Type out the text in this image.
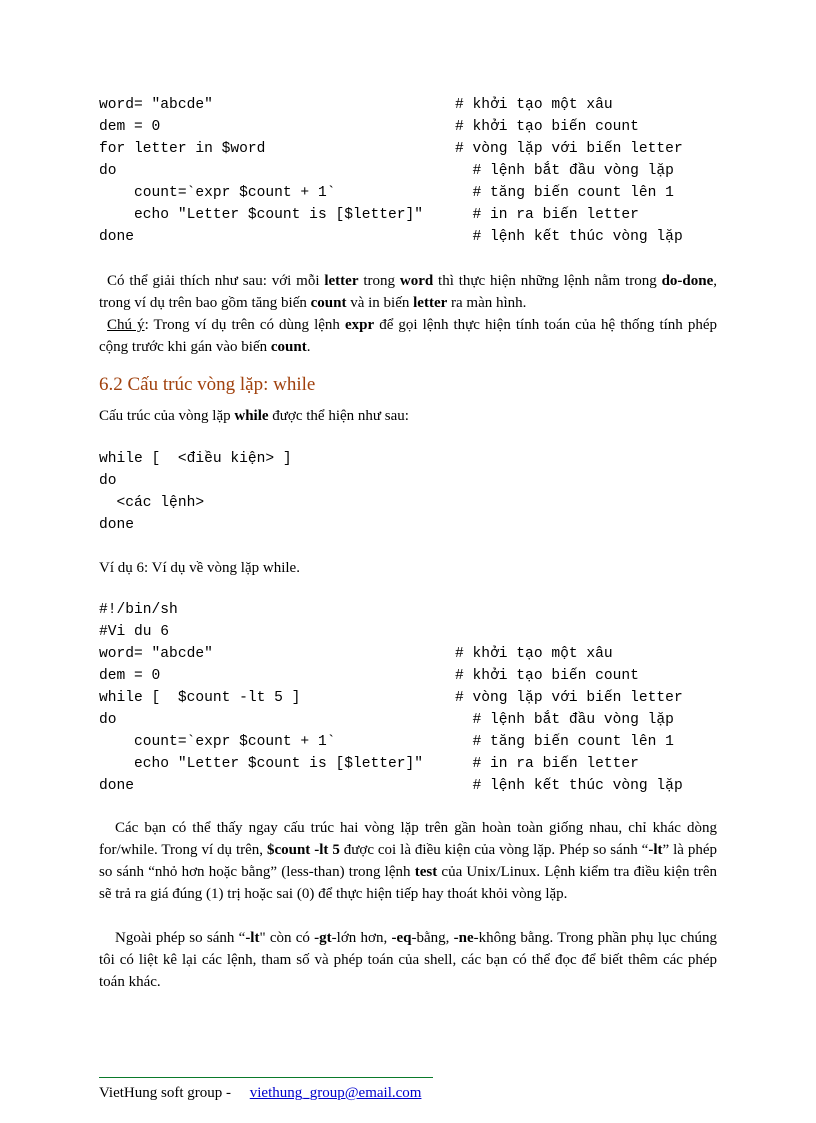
word= "abcde"

dem = 0

for letter in $word

do

count=`expr $count + 1`

echo "Letter $count is [$letter]"

done

# khởi tạo một xâu

# khởi tạo biến count

# vòng lặp với biến letter

# lệnh bắt đầu vòng lặp

# tăng biến count lên 1

# in ra biến letter

# lệnh kết thúc vòng lặp

Có thể giải thích như sau: với mỗi letter trong word thì thực hiện những lệnh nằm trong do-done, trong ví dụ trên bao gồm tăng biến count và in biến letter ra màn hình.
Chú ý: Trong ví dụ trên có dùng lệnh expr để gọi lệnh thực hiện tính toán của hệ thống tính phép cộng trước khi gán vào biến count.
6.2 Cấu trúc vòng lặp: while
Cấu trúc của vòng lặp while được thể hiện như sau:

while [  <điều kiện> ]

do

<các lệnh>

done

Ví dụ 6: Ví dụ về vòng lặp while.

#!/bin/sh

#Vi du 6

word= "abcde"

dem = 0

while [  $count -lt 5 ]

do

count=`expr $count + 1`

echo "Letter $count is [$letter]"

done

# khởi tạo một xâu

# khởi tạo biến count

# vòng lặp với biến letter

# lệnh bắt đầu vòng lặp

# tăng biến count lên 1

# in ra biến letter

# lệnh kết thúc vòng lặp

Các bạn có thể thấy ngay cấu trúc hai vòng lặp trên gần hoàn toàn giống nhau, chỉ khác dòng for/while. Trong ví dụ trên, $count -lt 5 được coi là điều kiện của vòng lặp. Phép so sánh “-lt” là phép so sánh “nhỏ hơn hoặc bằng” (less-than) trong lệnh test của Unix/Linux. Lệnh kiểm tra điều kiện trên sẽ trả ra giá đúng (1) trị hoặc sai (0) để thực hiện tiếp hay thoát khỏi vòng lặp.
Ngoài phép so sánh “-lt" còn có -gt-lớn hơn, -eq-bằng, -ne-không bằng. Trong phần phụ lục chúng tôi có liệt kê lại các lệnh, tham số và phép toán của shell, các bạn có thể đọc để biết thêm các phép toán khác.
VietHung soft group -     viethung_group@email.com
